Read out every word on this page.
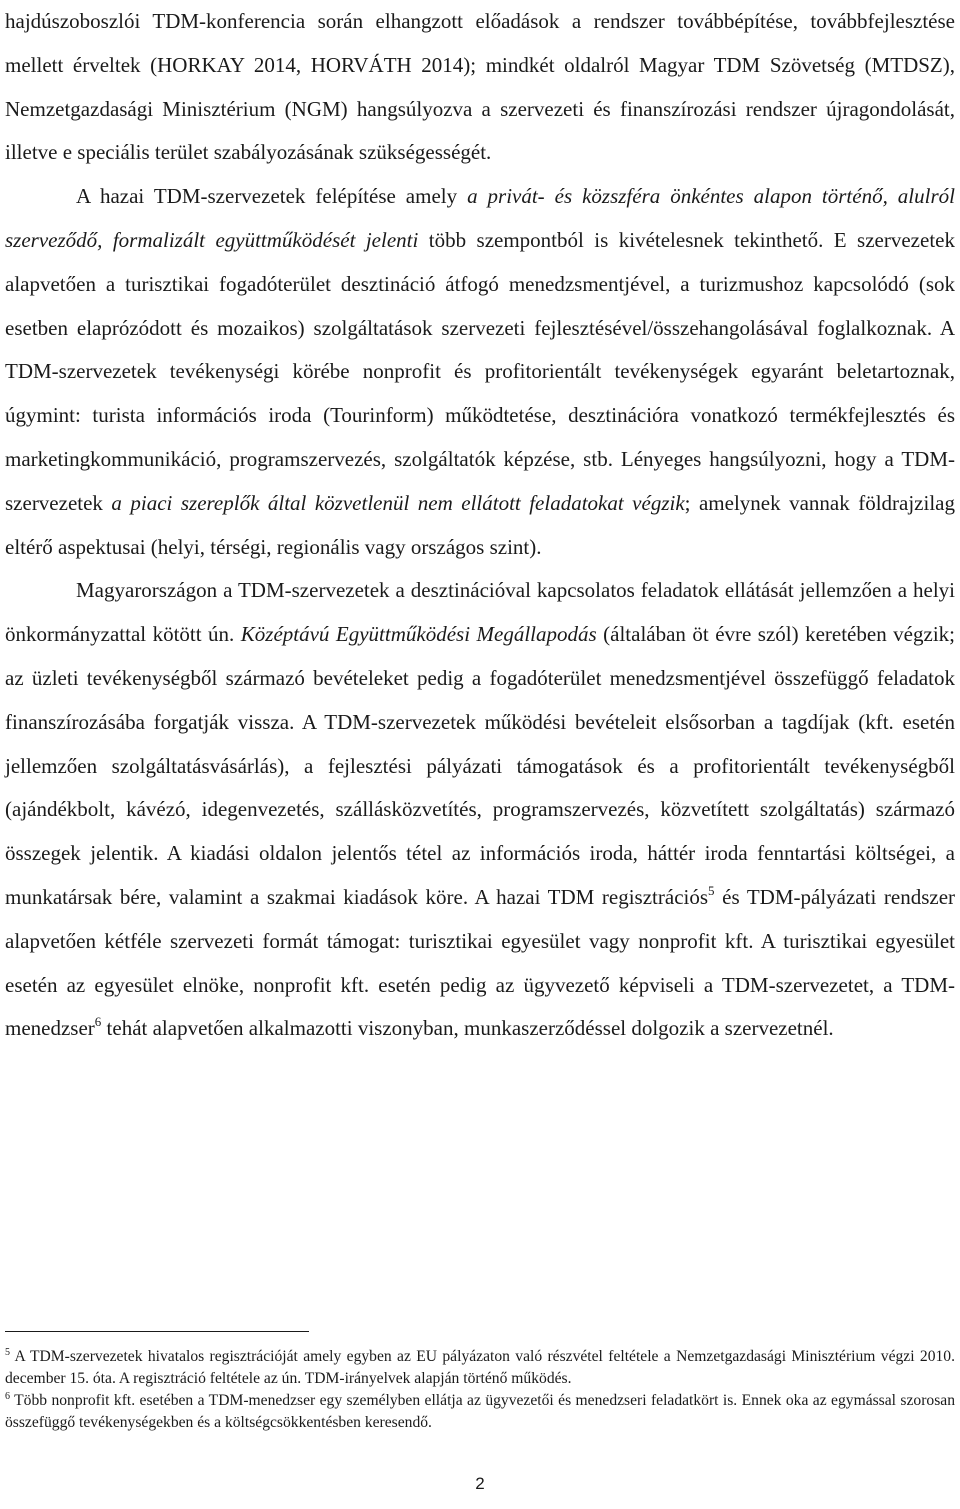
hajdúszoboszlói TDM-konferencia során elhangzott előadások a rendszer továbbépítése, továbbfejlesztése mellett érveltek (HORKAY 2014, HORVÁTH 2014); mindkét oldalról Magyar TDM Szövetség (MTDSZ), Nemzetgazdasági Minisztérium (NGM) hangsúlyozva a szervezeti és finanszírozási rendszer újragondolását, illetve e speciális terület szabályozásának szükségességét.

A hazai TDM-szervezetek felépítése amely a privát- és közszféra önkéntes alapon történő, alulról szerveződő, formalizált együttműködését jelenti több szempontból is kivételesnek tekinthető. E szervezetek alapvetően a turisztikai fogadóterület desztináció átfogó menedzsmentjével, a turizmushoz kapcsolódó (sok esetben elaprózódott és mozaikos) szolgáltatások szervezeti fejlesztésével/összehangolásával foglalkoznak. A TDM-szervezetek tevékenységi körébe nonprofit és profitorientált tevékenységek egyaránt beletartoznak, úgymint: turista információs iroda (Tourinform) működtetése, desztinációra vonatkozó termékfejlesztés és marketingkommunikáció, programszervezés, szolgáltatók képzése, stb. Lényeges hangsúlyozni, hogy a TDM-szervezetek a piaci szereplők által közvetlenül nem ellátott feladatokat végzik; amelynek vannak földrajzilag eltérő aspektusai (helyi, térségi, regionális vagy országos szint).

Magyarországon a TDM-szervezetek a desztinációval kapcsolatos feladatok ellátását jellemzően a helyi önkormányzattal kötött ún. Középtávú Együttműködési Megállapodás (általában öt évre szól) keretében végzik; az üzleti tevékenységből származó bevételeket pedig a fogadóterület menedzsmentjével összefüggő feladatok finanszírozásába forgatják vissza. A TDM-szervezetek működési bevételeit elsősorban a tagdíjak (kft. esetén jellemzően szolgáltatásvásárlás), a fejlesztési pályázati támogatások és a profitorientált tevékenységből (ajándékbolt, kávézó, idegenvezetés, szállásközvetítés, programszervezés, közvetített szolgáltatás) származó összegek jelentik. A kiadási oldalon jelentős tétel az információs iroda, háttér iroda fenntartási költségei, a munkatársak bére, valamint a szakmai kiadások köre. A hazai TDM regisztrációs$^5$ és TDM-pályázati rendszer alapvetően kétféle szervezeti formát támogat: turisztikai egyesület vagy nonprofit kft. A turisztikai egyesület esetén az egyesület elnöke, nonprofit kft. esetén pedig az ügyvezető képviseli a TDM-szervezetet, a TDM-menedzser$^6$ tehát alapvetően alkalmazotti viszonyban, munkaszerződéssel dolgozik a szervezetnél.

$^5$ A TDM-szervezetek hivatalos regisztrációját amely egyben az EU pályázaton való részvétel feltétele a Nemzetgazdasági Minisztérium végzi 2010. december 15. óta. A regisztráció feltétele az ún. TDM-irányelvek alapján történő működés.

$^6$ Több nonprofit kft. esetében a TDM-menedzser egy személyben ellátja az ügyvezetői és menedzseri feladatkört is. Ennek oka az egymással szorosan összefüggő tevékenységekben és a költségcsökkentésben keresendő.

2
